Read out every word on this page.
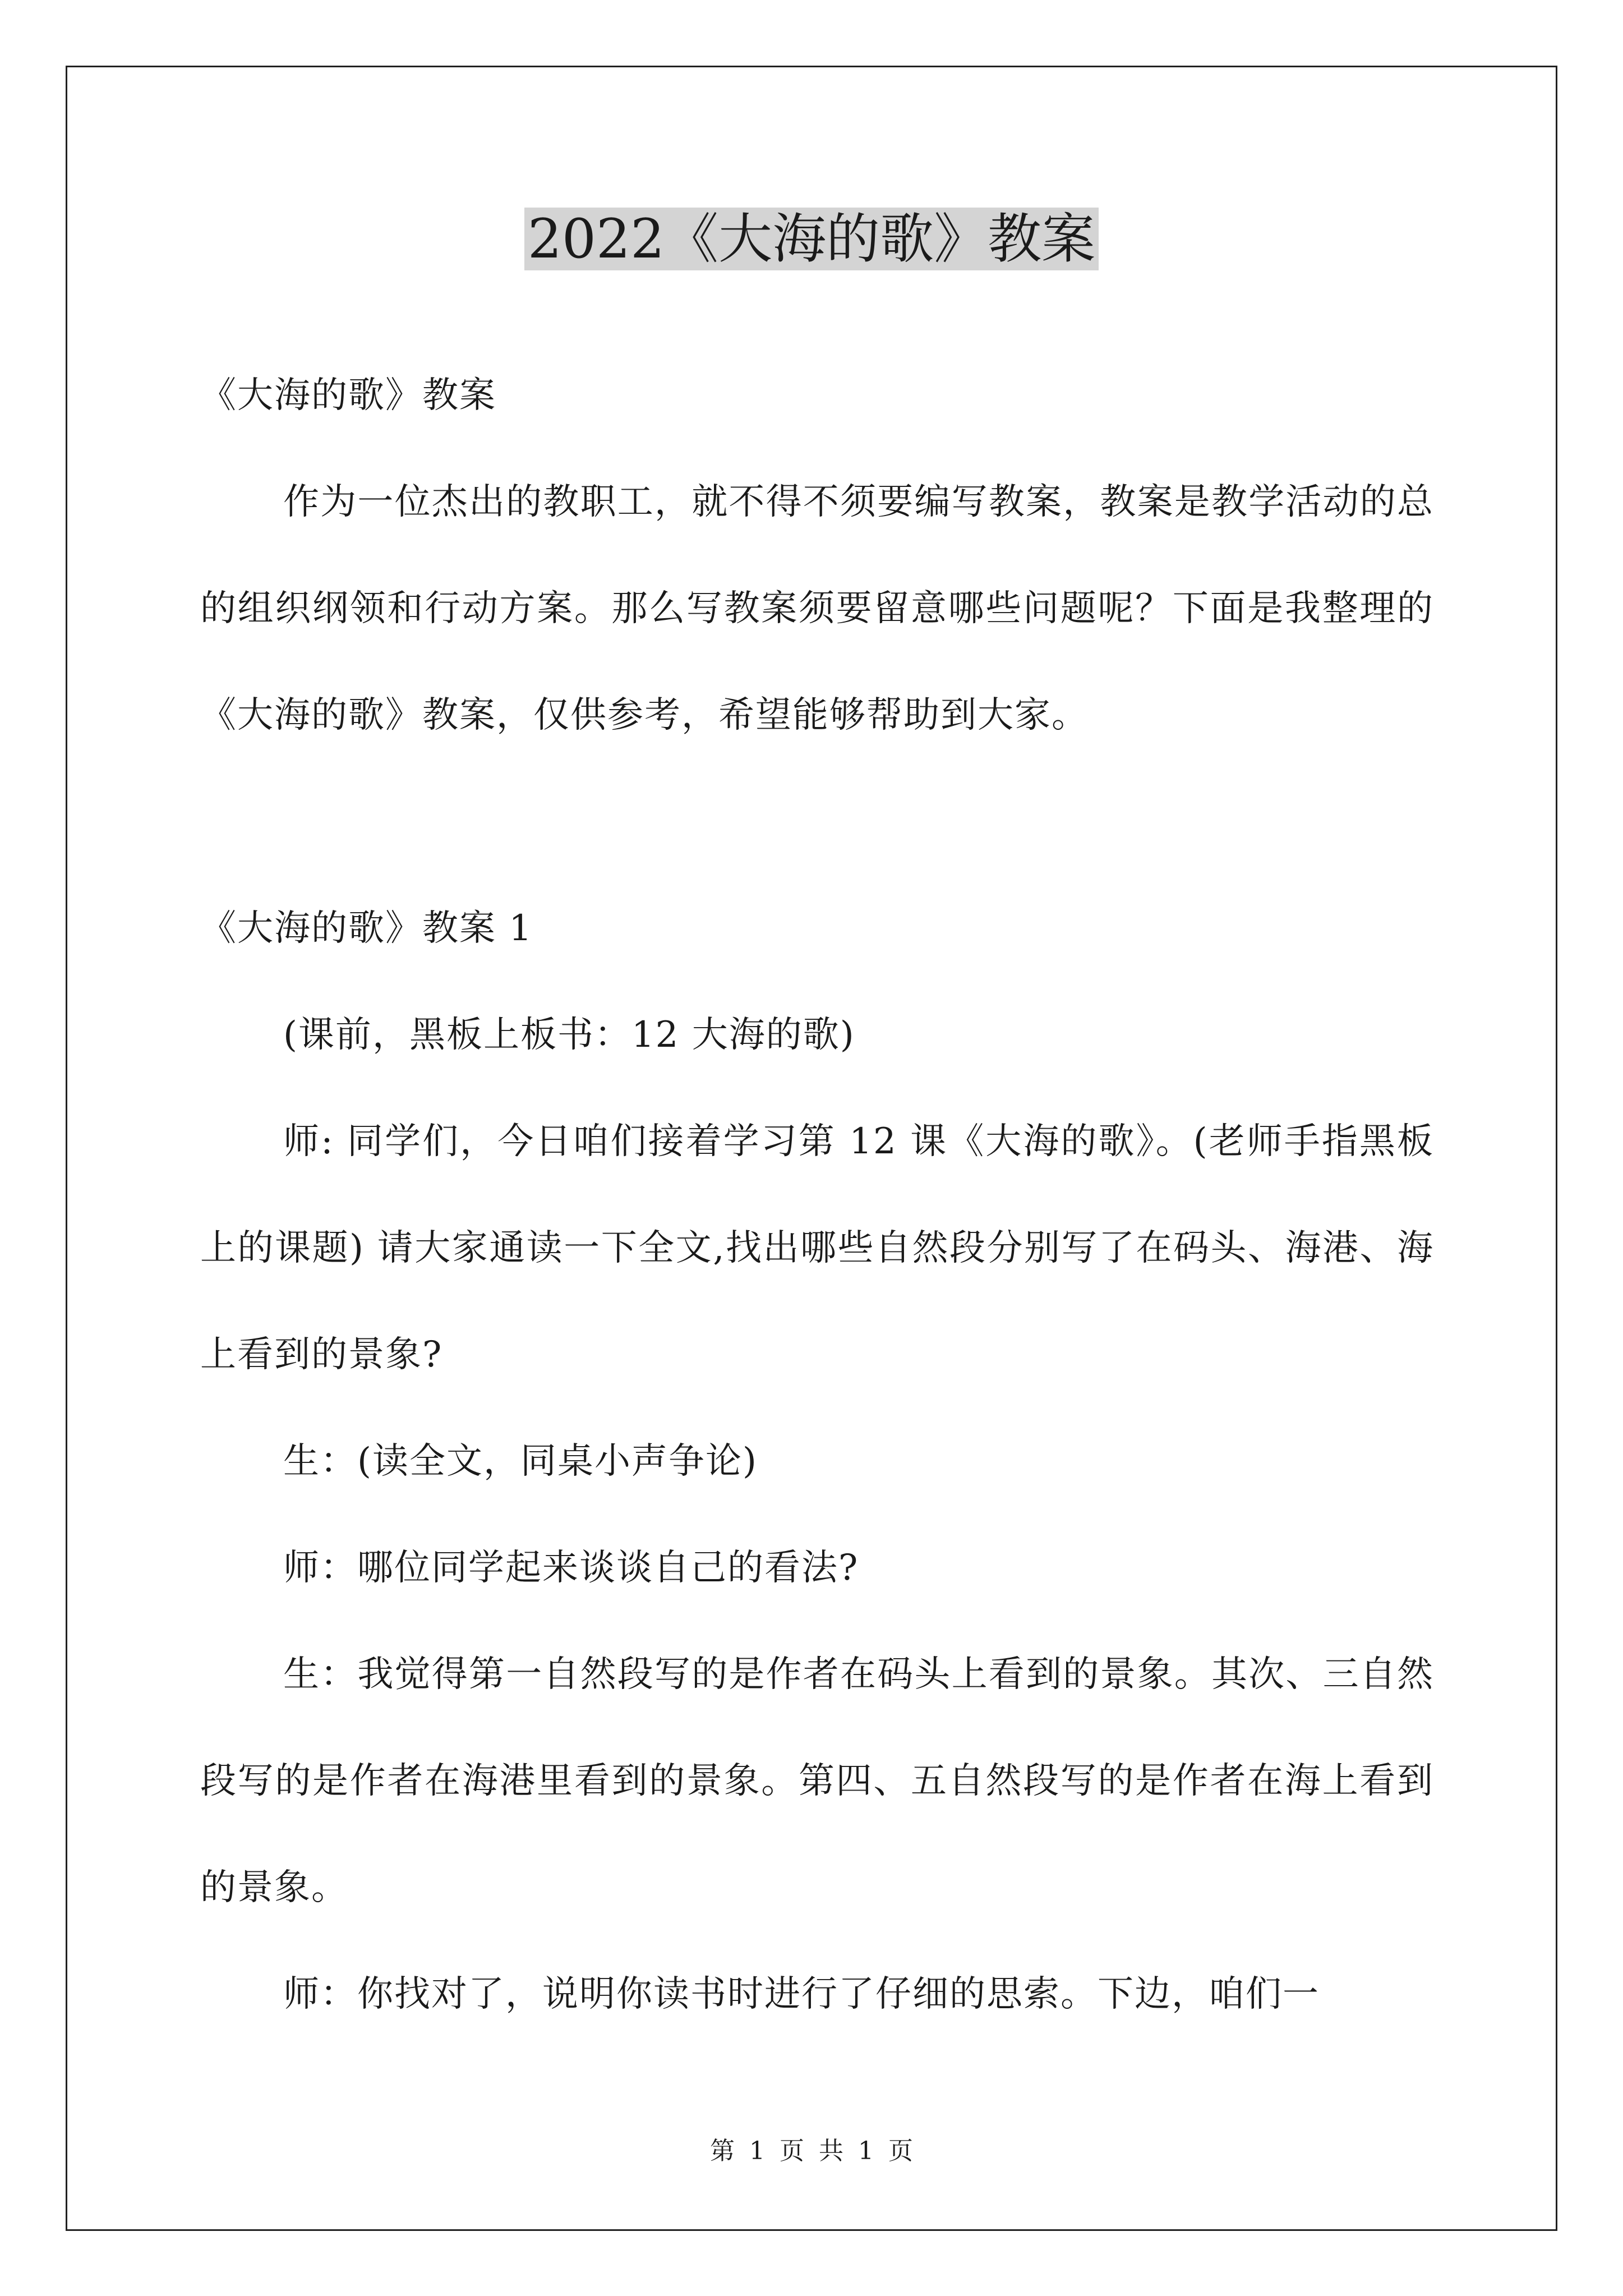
2022《大海的歌》教案

《大海的歌》教案

作为一位杰出的教职工，就不得不须要编写教案，教案是教学活动的总的组织纲领和行动方案。那么写教案须要留意哪些问题呢？下面是我整理的《大海的歌》教案，仅供参考，希望能够帮助到大家。

《大海的歌》教案 1

(课前，黑板上板书：12 大海的歌)

师: 同学们，今日咱们接着学习第 12 课《大海的歌》。(老师手指黑板上的课题) 请大家通读一下全文,找出哪些自然段分别写了在码头、海港、海上看到的景象?

生：(读全文，同桌小声争论)

师：哪位同学起来谈谈自己的看法?

生：我觉得第一自然段写的是作者在码头上看到的景象。其次、三自然段写的是作者在海港里看到的景象。第四、五自然段写的是作者在海上看到的景象。

师：你找对了，说明你读书时进行了仔细的思索。下边，咱们一

第 1 页 共 1 页
